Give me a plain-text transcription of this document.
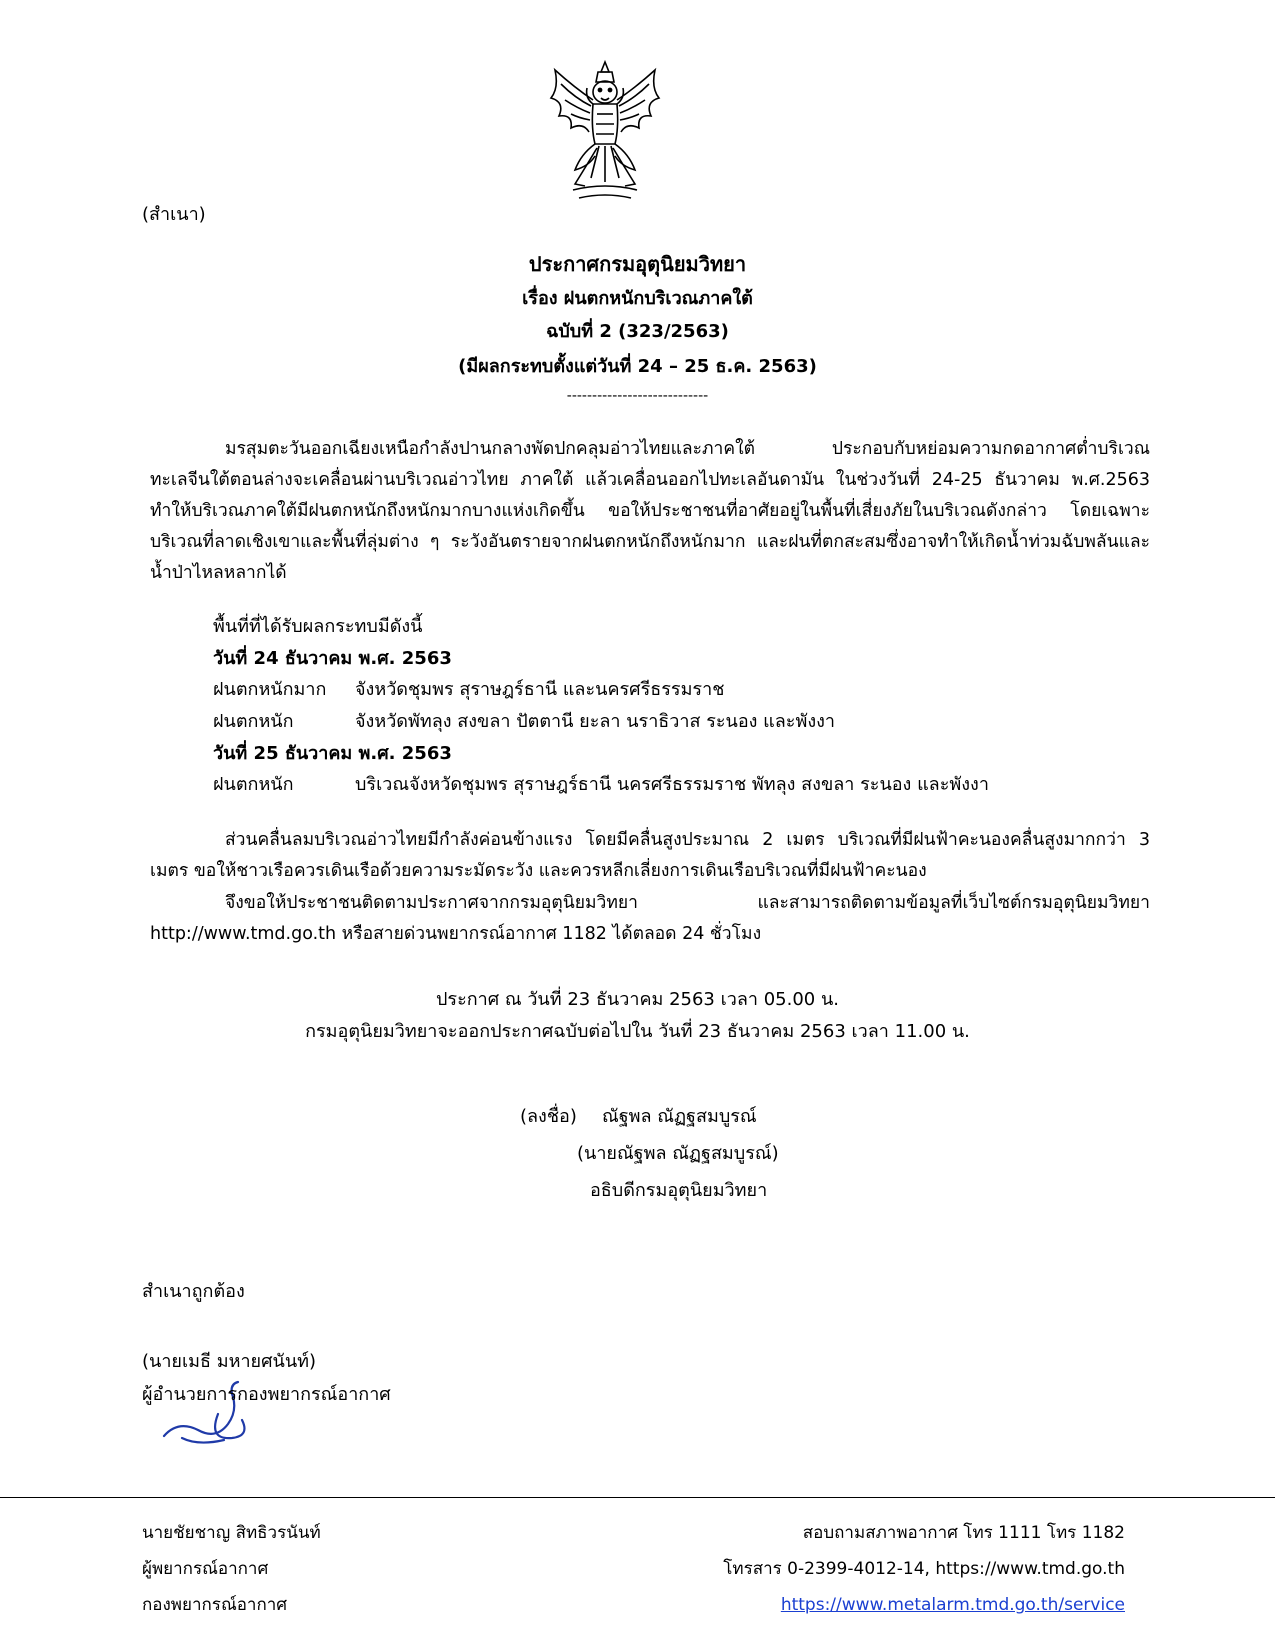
(สำเนา)
ประกาศกรมอุตุนิยมวิทยา
เรื่อง ฝนตกหนักบริเวณภาคใต้
ฉบับที่ 2 (323/2563)
(มีผลกระทบตั้งแต่วันที่ 24 – 25 ธ.ค. 2563)
----------------------------

มรสุมตะวันออกเฉียงเหนือกำลังปานกลางพัดปกคลุมอ่าวไทยและภาคใต้ ประกอบกับหย่อมความกดอากาศต่ำบริเวณทะเลจีนใต้ตอนล่างจะเคลื่อนผ่านบริเวณอ่าวไทย ภาคใต้ แล้วเคลื่อนออกไปทะเลอันดามัน ในช่วงวันที่ 24-25 ธันวาคม พ.ศ.2563 ทำให้บริเวณภาคใต้มีฝนตกหนักถึงหนักมากบางแห่งเกิดขึ้น ขอให้ประชาชนที่อาศัยอยู่ในพื้นที่เสี่ยงภัยในบริเวณดังกล่าว โดยเฉพาะบริเวณที่ลาดเชิงเขาและพื้นที่ลุ่มต่าง ๆ ระวังอันตรายจากฝนตกหนักถึงหนักมาก และฝนที่ตกสะสมซึ่งอาจทำให้เกิดน้ำท่วมฉับพลันและน้ำป่าไหลหลากได้

พื้นที่ที่ได้รับผลกระทบมีดังนี้
วันที่ 24 ธันวาคม พ.ศ. 2563
ฝนตกหนักมาก จังหวัดชุมพร สุราษฎร์ธานี และนครศรีธรรมราช
ฝนตกหนัก	จังหวัดพัทลุง สงขลา ปัตตานี ยะลา นราธิวาส ระนอง และพังงา
วันที่ 25 ธันวาคม พ.ศ. 2563
ฝนตกหนัก	บริเวณจังหวัดชุมพร สุราษฎร์ธานี นครศรีธรรมราช พัทลุง สงขลา ระนอง และพังงา

ส่วนคลื่นลมบริเวณอ่าวไทยมีกำลังค่อนข้างแรง โดยมีคลื่นสูงประมาณ 2 เมตร บริเวณที่มีฝนฟ้าคะนองคลื่นสูงมากกว่า 3 เมตร ขอให้ชาวเรือควรเดินเรือด้วยความระมัดระวัง และควรหลีกเลี่ยงการเดินเรือบริเวณที่มีฝนฟ้าคะนอง

จึงขอให้ประชาชนติดตามประกาศจากกรมอุตุนิยมวิทยา และสามารถติดตามข้อมูลที่เว็บไซต์กรมอุตุนิยมวิทยา http://www.tmd.go.th หรือสายด่วนพยากรณ์อากาศ 1182 ได้ตลอด 24 ชั่วโมง

ประกาศ ณ วันที่ 23 ธันวาคม 2563 เวลา 05.00 น.
กรมอุตุนิยมวิทยาจะออกประกาศฉบับต่อไปใน วันที่ 23 ธันวาคม 2563 เวลา 11.00 น.
(ลงชื่อ) ณัฐพล ณัฏฐสมบูรณ์
(นายณัฐพล ณัฏฐสมบูรณ์)
อธิบดีกรมอุตุนิยมวิทยา
สำเนาถูกต้อง
(นายเมธี มหายศนันท์)
ผู้อำนวยการกองพยากรณ์อากาศ
นายชัยชาญ สิทธิวรนันท์
ผู้พยากรณ์อากาศ
กองพยากรณ์อากาศ
สอบถามสภาพอากาศ โทร 1111 โทร 1182
โทรสาร 0-2399-4012-14, https://www.tmd.go.th
https://www.metalarm.tmd.go.th/service
